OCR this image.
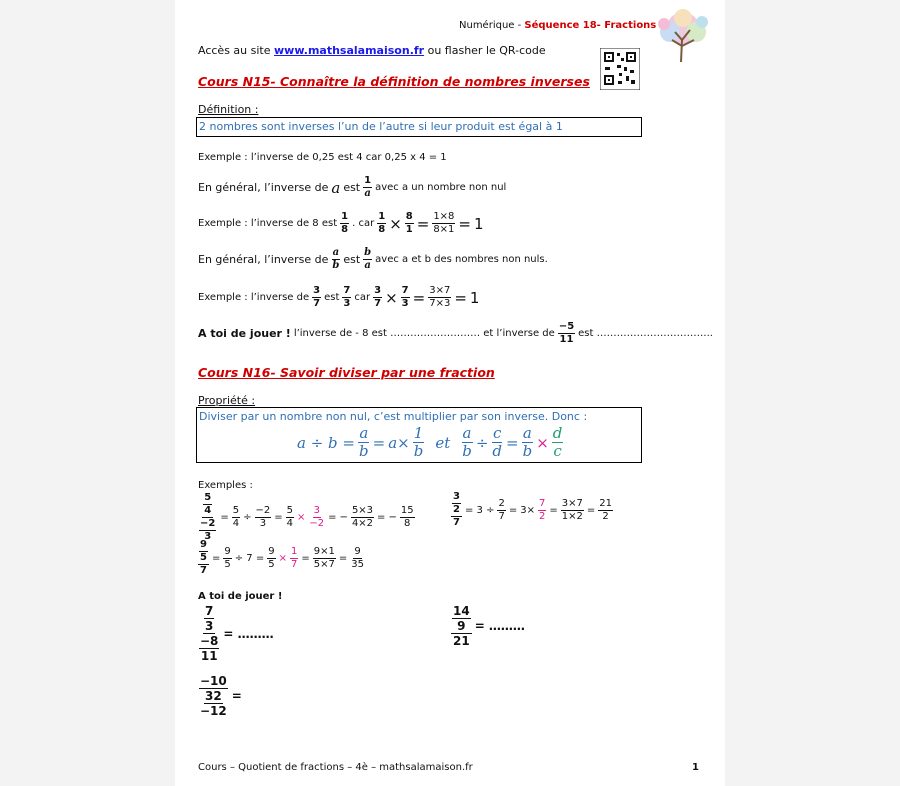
Numérique - Séquence 18- Fractions
Accès au site www.mathsalamaison.fr ou flasher le QR-code
Cours N15- Connaître la définition de nombres inverses
Définition :
2 nombres sont inverses l’un de l’autre si leur produit est égal à 1
Exemple : l’inverse de 0,25 est 4 car 0,25 x 4 = 1
En général, l’inverse de a est
1
a
avec a un nombre non nul
Exemple : l’inverse de 8 est
1
8
. car $\frac{1}{8} \times \frac{8}{1} = \frac{1\times 8}{8\times 1} = 1$
En général, l’inverse de
a
b est
b
a
avec a et b des nombres non nuls.
Exemple : l’inverse de
3
7
est
7
3
car $\frac{3}{7} \times \frac{7}{3} = \frac{3\times 7}{7\times 3} = 1$
A toi de jouer ! l’inverse de - 8 est ……………………… et l’inverse de
−5
11
est ……………………………..
Cours N16- Savoir diviser par une fraction
Propriété :
Diviser par un nombre non nul, c’est multiplier par son inverse. Donc :
$a \div b = \frac{a}{b} = a\times \frac{1}{b}$ et $\frac{a}{b} \div \frac{c}{d} = \frac{a}{b} \times \frac{d}{c}$
Exemples :
$\frac{\frac{5}{4}}{\frac{-2}{3}} = \frac{5}{4} \div \frac{-2}{3} = \frac{5}{4} \times \frac{3}{-2}$ = − $\frac{5\times 3}{4\times 2}$ = − $\frac{15}{8}$	$\frac{\frac{3}{2}}{7} = 3 \div \frac{2}{7} = 3\times \frac{7}{2} = \frac{3\times 7}{1\times 2} = \frac{21}{2}$
$\frac{\frac{9}{5}}{7} = \frac{9}{5} \div 7 = \frac{9}{5} \times \frac{1}{7} = \frac{9\times 1}{5\times 7} = \frac{9}{35}$
A toi de jouer !
$\frac{\frac{7}{3}}{\frac{-8}{11}}$ = ………	$\frac{\frac{14}{9}}{21}$ = ………
$\frac{-10}{\frac{32}{-12}}$ =
Cours – Quotient de fractions – 4è – mathsalamaison.fr	1
